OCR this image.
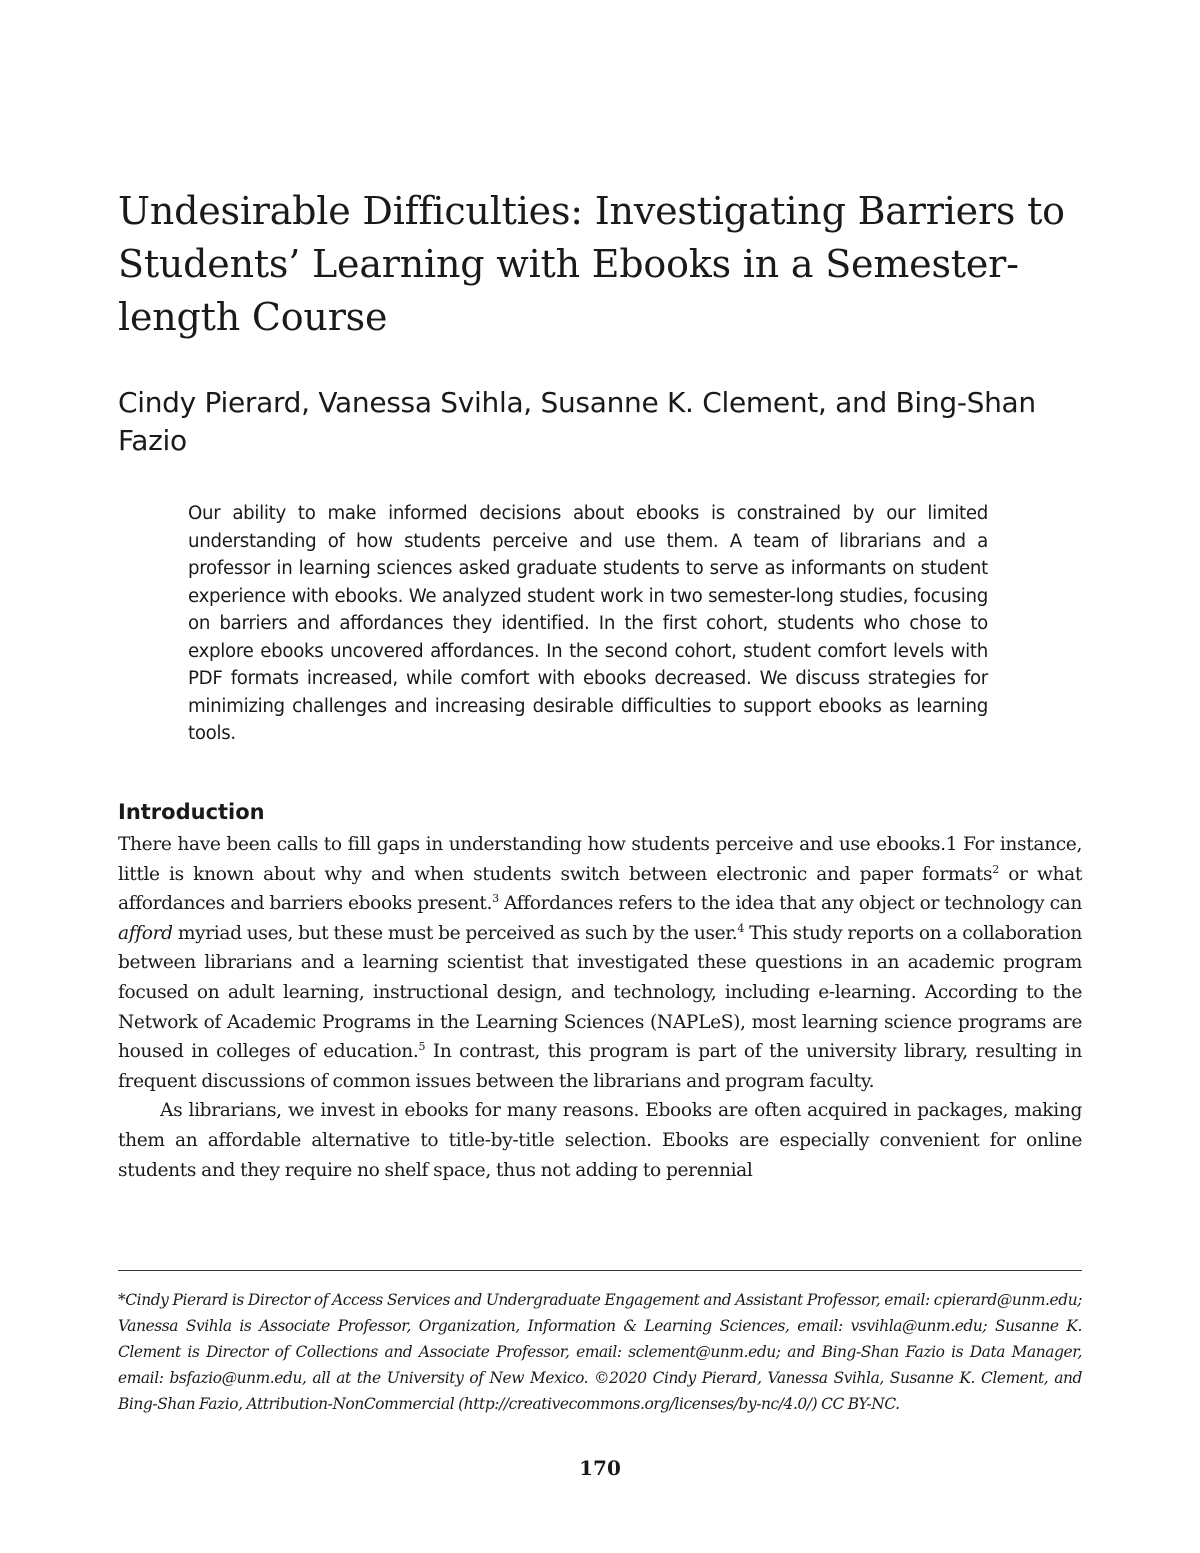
Undesirable Difficulties: Investigating Barriers to Students’ Learning with Ebooks in a Semester-length Course
Cindy Pierard, Vanessa Svihla, Susanne K. Clement, and Bing-Shan Fazio

Our ability to make informed decisions about ebooks is constrained by our limited understanding of how students perceive and use them. A team of librarians and a professor in learning sciences asked graduate students to serve as informants on student experience with ebooks. We analyzed student work in two semester-long studies, focusing on barriers and affordances they identified. In the first cohort, students who chose to explore ebooks uncovered affordances. In the second cohort, student comfort levels with PDF formats increased, while comfort with ebooks decreased. We discuss strategies for minimizing challenges and increasing desirable difficulties to support ebooks as learning tools.

Introduction

There have been calls to fill gaps in understanding how students perceive and use ebooks.1 For instance, little is known about why and when students switch between electronic and paper formats$^2$ or what affordances and barriers ebooks present.$^3$ Affordances refers to the idea that any object or technology can afford myriad uses, but these must be perceived as such by the user.$^4$ This study reports on a collaboration between librarians and a learning scientist that investigated these questions in an academic program focused on adult learning, instructional design, and technology, including e-learning. According to the Network of Academic Programs in the Learning Sciences (NAPLeS), most learning science programs are housed in colleges of education.$^5$ In contrast, this program is part of the university library, resulting in frequent discussions of common issues between the librarians and program faculty.

As librarians, we invest in ebooks for many reasons. Ebooks are often acquired in packages, making them an affordable alternative to title-by-title selection. Ebooks are especially convenient for online students and they require no shelf space, thus not adding to perennial

*Cindy Pierard is Director of Access Services and Undergraduate Engagement and Assistant Professor, email: cpierard@unm.edu; Vanessa Svihla is Associate Professor, Organization, Information & Learning Sciences, email: vsvihla@unm.edu; Susanne K. Clement is Director of Collections and Associate Professor, email: sclement@unm.edu; and Bing-Shan Fazio is Data Manager, email: bsfazio@unm.edu, all at the University of New Mexico. ©2020 Cindy Pierard, Vanessa Svihla, Susanne K. Clement, and Bing-Shan Fazio, Attribution-NonCommercial (http://creativecommons.org/licenses/by-nc/4.0/) CC BY-NC.

170
